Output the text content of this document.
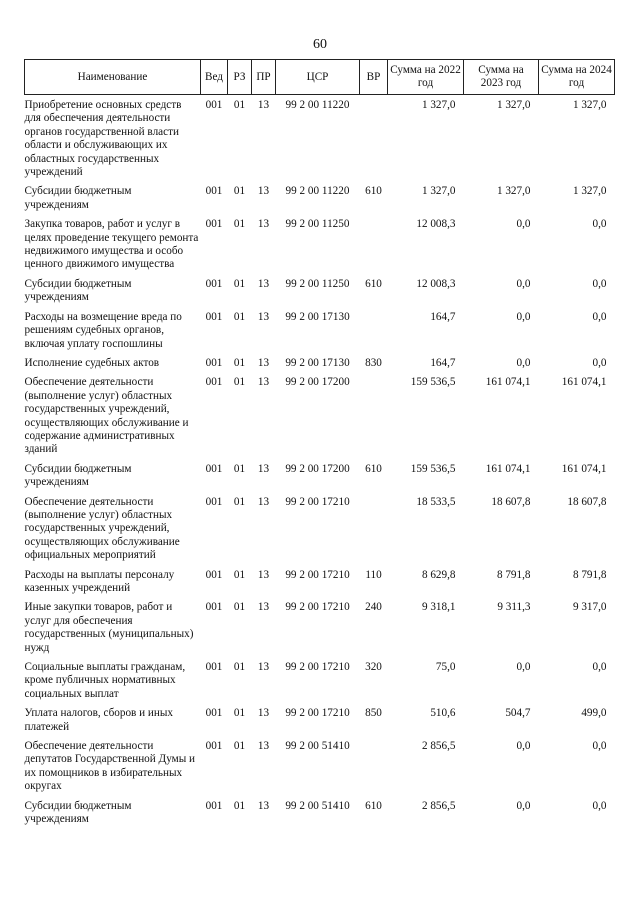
60
Наименование	Вед	РЗ	ПР	ЦСР	ВР	Сумма на 2022 год	Сумма на 2023 год	Сумма на 2024 год
Приобретение основных средств для обеспечения деятельности органов государственной власти области и обслуживающих их областных государственных учреждений	001	01	13	99 2 00 11220		1 327,0	1 327,0	1 327,0
Субсидии бюджетным учреждениям	001	01	13	99 2 00 11220	610	1 327,0	1 327,0	1 327,0
Закупка товаров, работ и услуг в целях проведение текущего ремонта недвижимого имущества и особо ценного движимого имущества	001	01	13	99 2 00 11250		12 008,3	0,0	0,0
Субсидии бюджетным учреждениям	001	01	13	99 2 00 11250	610	12 008,3	0,0	0,0
Расходы на возмещение вреда по решениям судебных органов, включая уплату госпошлины	001	01	13	99 2 00 17130		164,7	0,0	0,0
Исполнение судебных актов	001	01	13	99 2 00 17130	830	164,7	0,0	0,0
Обеспечение деятельности (выполнение услуг) областных государственных учреждений, осуществляющих обслуживание и содержание административных зданий	001	01	13	99 2 00 17200		159 536,5	161 074,1	161 074,1
Субсидии бюджетным учреждениям	001	01	13	99 2 00 17200	610	159 536,5	161 074,1	161 074,1
Обеспечение деятельности (выполнение услуг) областных государственных учреждений, осуществляющих обслуживание официальных мероприятий	001	01	13	99 2 00 17210		18 533,5	18 607,8	18 607,8
Расходы на выплаты персоналу казенных учреждений	001	01	13	99 2 00 17210	110	8 629,8	8 791,8	8 791,8
Иные закупки товаров, работ и услуг для обеспечения государственных (муниципальных) нужд	001	01	13	99 2 00 17210	240	9 318,1	9 311,3	9 317,0
Социальные выплаты гражданам, кроме публичных нормативных социальных выплат	001	01	13	99 2 00 17210	320	75,0	0,0	0,0
Уплата налогов, сборов и иных платежей	001	01	13	99 2 00 17210	850	510,6	504,7	499,0
Обеспечение деятельности депутатов Государственной Думы и их помощников в избирательных округах	001	01	13	99 2 00 51410		2 856,5	0,0	0,0
Субсидии бюджетным учреждениям	001	01	13	99 2 00 51410	610	2 856,5	0,0	0,0
